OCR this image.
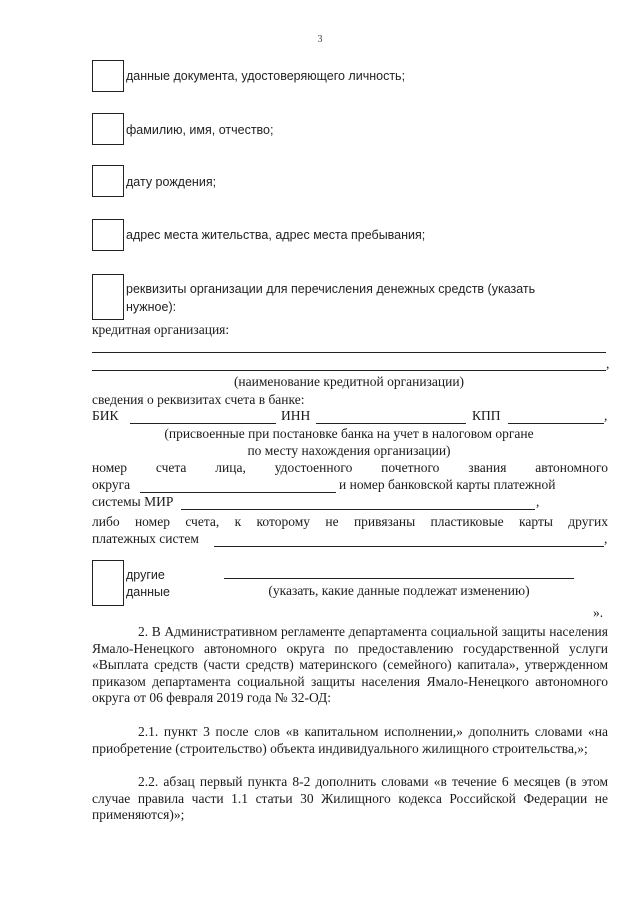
3
данные документа, удостоверяющего личность;
фамилию, имя, отчество;
дату рождения;
адрес места жительства, адрес места пребывания;
реквизиты организации для перечисления денежных средств (указать
нужное):
кредитная организация:
,
(наименование кредитной организации)
сведения о реквизитах счета в банке:
БИК	ИНН	КПП	,
(присвоенные при постановке банка на учет в налоговом органе
по месту нахождения организации)
номер счета лица, удостоенного почетного звания автономного
округа	и номер банковской карты платежной
системы МИР	,
либо номер счета, к которому не привязаны пластиковые карты других
платежных систем	,
другие
данные	(указать, какие данные подлежат изменению)
».
2. В Административном регламенте департамента социальной защиты населения Ямало-Ненецкого автономного округа по предоставлению государственной услуги «Выплата средств (части средств) материнского (семейного) капитала», утвержденном приказом департамента социальной защиты населения Ямало-Ненецкого автономного округа от 06 февраля 2019 года № 32-ОД:
2.1. пункт 3 после слов «в капитальном исполнении,» дополнить словами «на приобретение (строительство) объекта индивидуального жилищного строительства,»;
2.2. абзац первый пункта 8-2 дополнить словами «в течение 6 месяцев (в этом случае правила части 1.1 статьи 30 Жилищного кодекса Российской Федерации не применяются)»;
